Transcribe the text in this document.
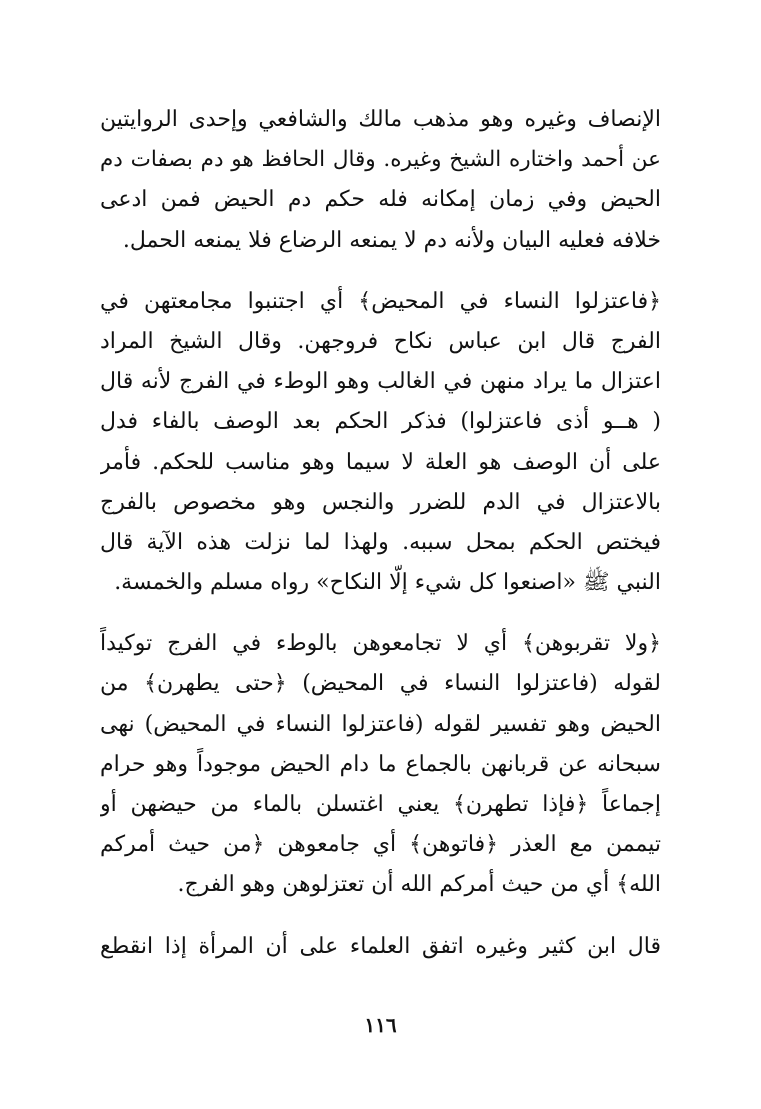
الإنصاف وغيره وهو مذهب مالك والشافعي وإحدى الروايتين
عن أحمد واختاره الشيخ وغيره. وقال الحافظ هو دم بصفات دم
الحيض وفي زمان إمكانه فله حكم دم الحيض فمن ادعى
خلافه فعليه البيان ولأنه دم لا يمنعه الرضاع فلا يمنعه الحمل.
﴿فاعتزلوا النساء في المحيض﴾ أي اجتنبوا مجامعتهن في
الفرج قال ابن عباس نكاح فروجهن. وقال الشيخ المراد
اعتزال ما يراد منهن في الغالب وهو الوطء في الفرج لأنه قال
( هــو أذى فاعتزلوا) فذكر الحكم بعد الوصف بالفاء فدل
على أن الوصف هو العلة لا سيما وهو مناسب للحكم. فأمر
بالاعتزال في الدم للضرر والنجس وهو مخصوص بالفرج
فيختص الحكم بمحل سببه. ولهذا لما نزلت هذه الآية قال
النبي ﷺ «اصنعوا كل شيء إلّا النكاح» رواه مسلم والخمسة.
﴿ولا تقربوهن﴾ أي لا تجامعوهن بالوطء في الفرج توكيداً
لقوله (فاعتزلوا النساء في المحيض) ﴿حتى يطهرن﴾ من
الحيض وهو تفسير لقوله (فاعتزلوا النساء في المحيض) نهى
سبحانه عن قربانهن بالجماع ما دام الحيض موجوداً وهو حرام
إجماعاً ﴿فإذا تطهرن﴾ يعني اغتسلن بالماء من حيضهن أو
تيممن مع العذر ﴿فاتوهن﴾ أي جامعوهن ﴿من حيث أمركم
الله﴾ أي من حيث أمركم الله أن تعتزلوهن وهو الفرج.
قال ابن كثير وغيره اتفق العلماء على أن المرأة إذا انقطع
١١٦
